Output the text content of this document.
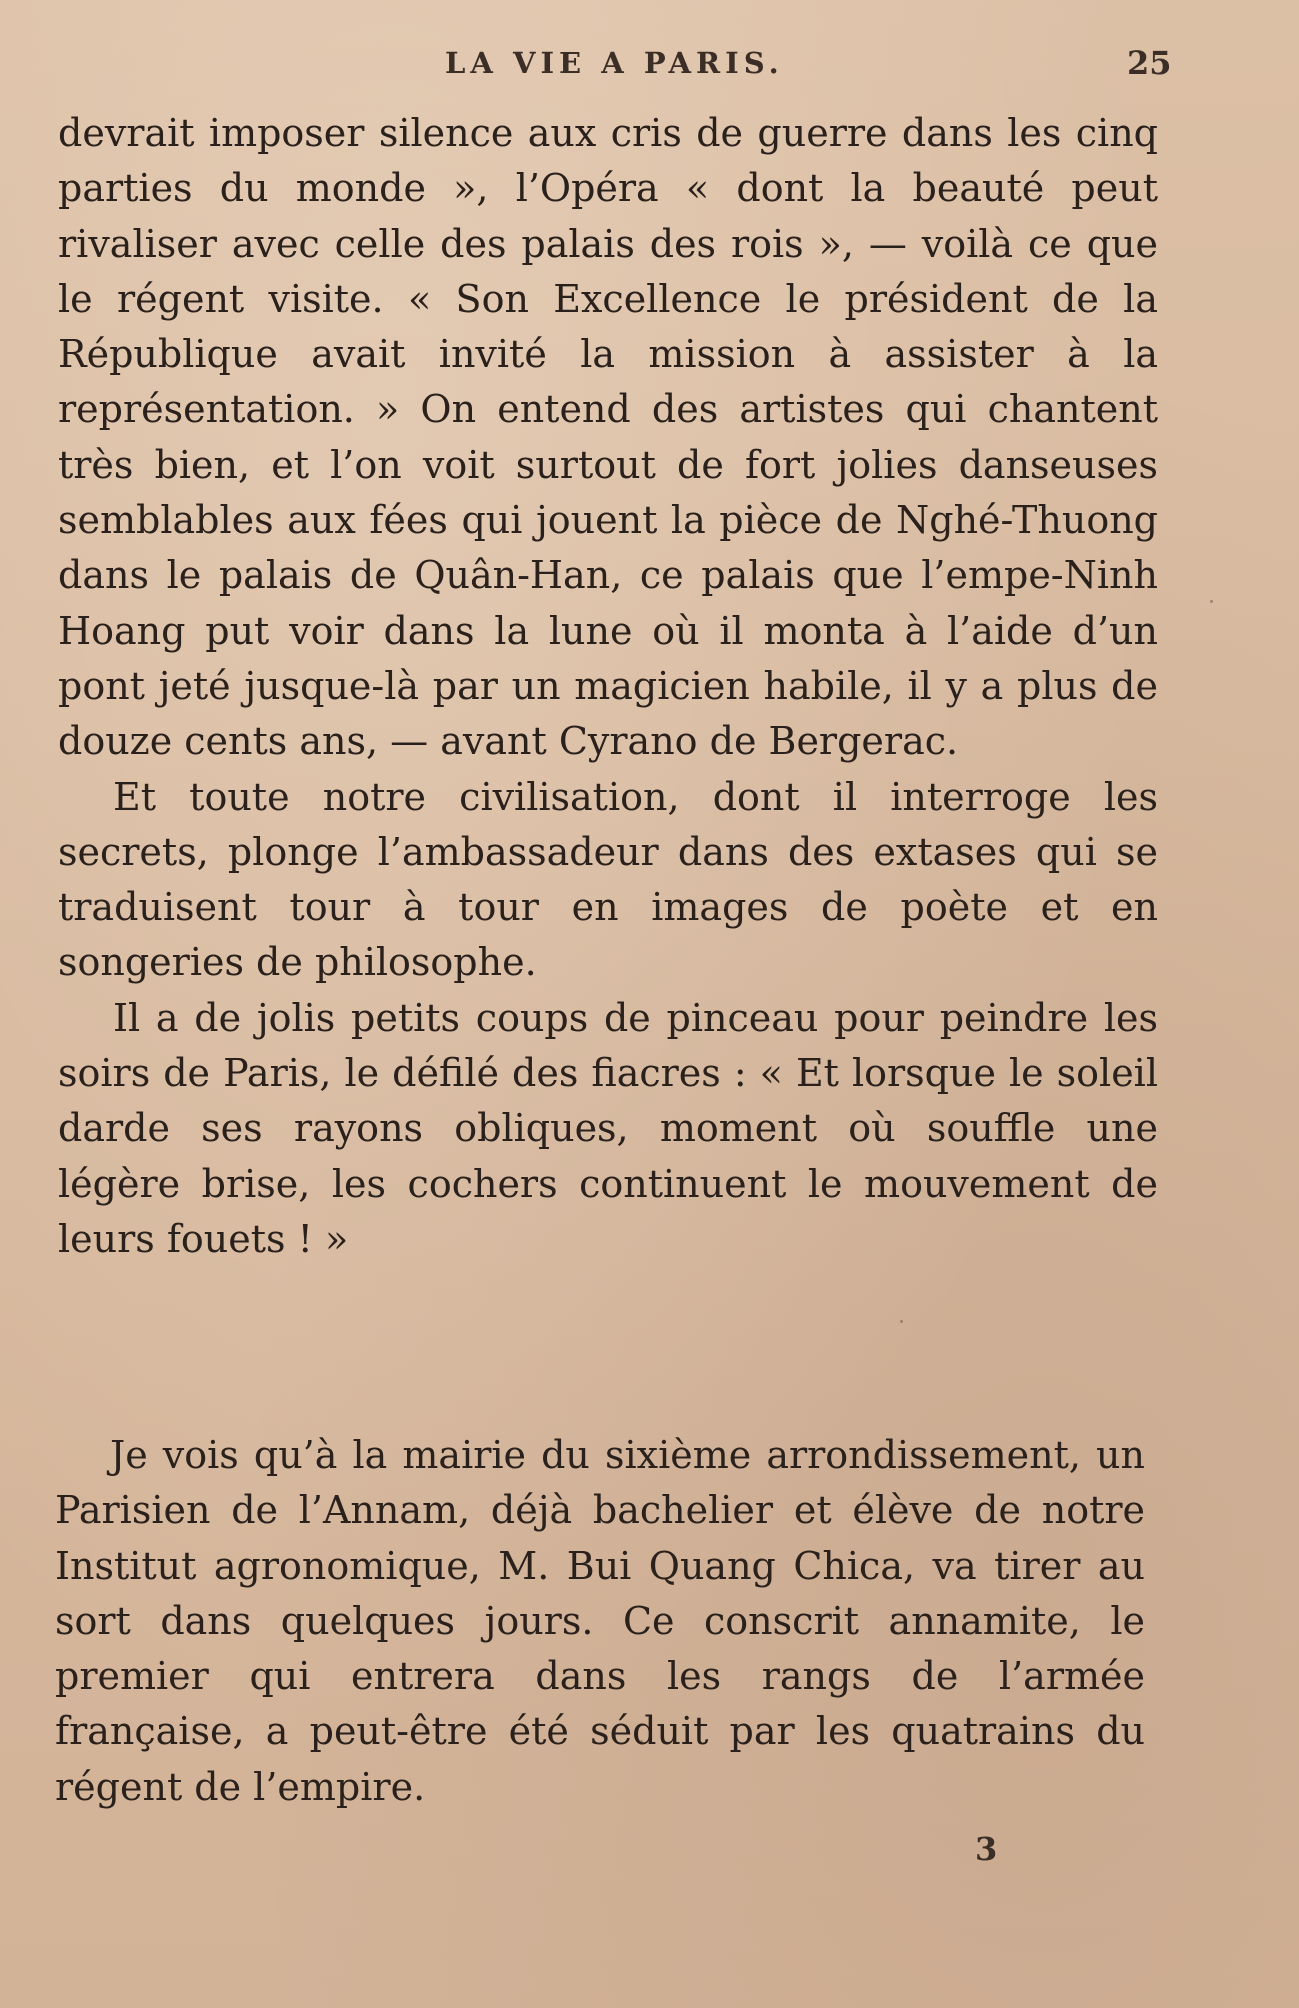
LA VIE A PARIS.	25

devrait imposer silence aux cris de guerre dans les cinq parties du monde », l’Opéra « dont la beauté peut rivaliser avec celle des palais des rois », — voilà ce que le régent visite. « Son Excellence le président de la République avait invité la mission à assister à la représentation. » On entend des artistes qui chantent très bien, et l’on voit surtout de fort jolies danseuses semblables aux fées qui jouent la pièce de Nghé-Thuong dans le palais de Quân-Han, ce palais que l’empe-Ninh Hoang put voir dans la lune où il monta à l’aide d’un pont jeté jusque-là par un magicien habile, il y a plus de douze cents ans, — avant Cyrano de Bergerac.

Et toute notre civilisation, dont il interroge les secrets, plonge l’ambassadeur dans des extases qui se traduisent tour à tour en images de poète et en songeries de philosophe.

Il a de jolis petits coups de pinceau pour peindre les soirs de Paris, le défilé des fiacres : « Et lorsque le soleil darde ses rayons obliques, moment où souffle une légère brise, les cochers continuent le mouvement de leurs fouets ! »

Je vois qu’à la mairie du sixième arrondissement, un Parisien de l’Annam, déjà bachelier et élève de notre Institut agronomique, M. Bui Quang Chica, va tirer au sort dans quelques jours. Ce conscrit annamite, le premier qui entrera dans les rangs de l’armée française, a peut-être été séduit par les quatrains du régent de l’empire.

3
